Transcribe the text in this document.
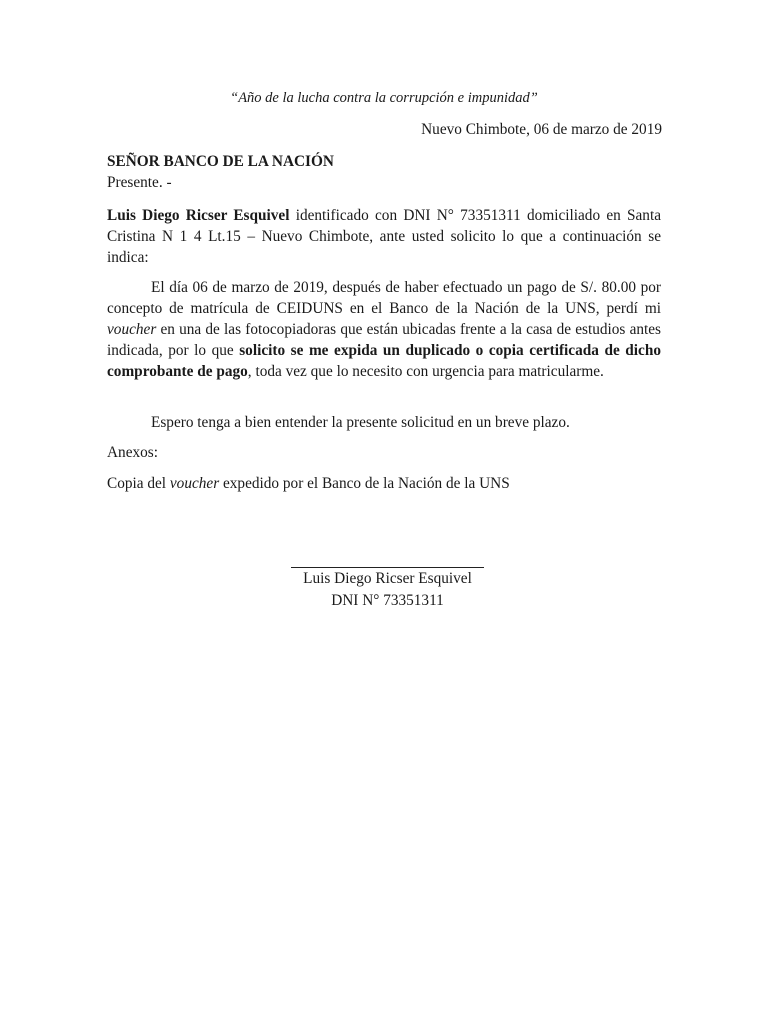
“Año de la lucha contra la corrupción e impunidad”
Nuevo Chimbote, 06 de marzo de 2019
SEÑOR BANCO DE LA NACIÓN
Presente. -
Luis Diego Ricser Esquivel identificado con DNI N° 73351311 domiciliado en Santa Cristina N 1 4 Lt.15 – Nuevo Chimbote, ante usted solicito lo que a continuación se indica:
El día 06 de marzo de 2019, después de haber efectuado un pago de S/. 80.00 por concepto de matrícula de CEIDUNS en el Banco de la Nación de la UNS, perdí mi voucher en una de las fotocopiadoras que están ubicadas frente a la casa de estudios antes indicada, por lo que solicito se me expida un duplicado o copia certificada de dicho comprobante de pago, toda vez que lo necesito con urgencia para matricularme.
Espero tenga a bien entender la presente solicitud en un breve plazo.
Anexos:
Copia del voucher expedido por el Banco de la Nación de la UNS
Luis Diego Ricser Esquivel
DNI N° 73351311
